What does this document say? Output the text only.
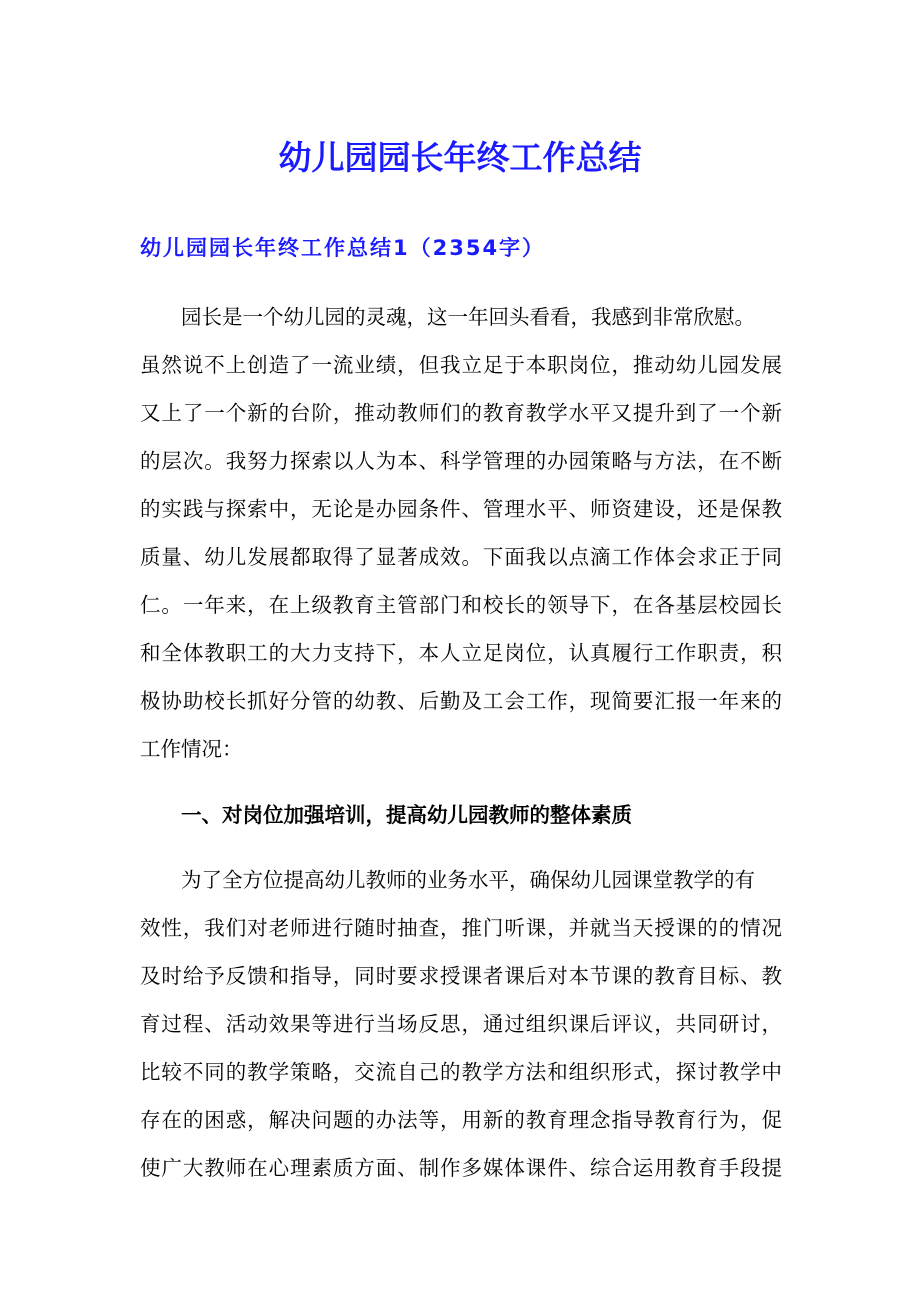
幼儿园园长年终工作总结
幼儿园园长年终工作总结1（2354字）
园长是一个幼儿园的灵魂，这一年回头看看，我感到非常欣慰。
虽然说不上创造了一流业绩，但我立足于本职岗位，推动幼儿园发展
又上了一个新的台阶，推动教师们的教育教学水平又提升到了一个新
的层次。我努力探索以人为本、科学管理的办园策略与方法，在不断
的实践与探索中，无论是办园条件、管理水平、师资建设，还是保教
质量、幼儿发展都取得了显著成效。下面我以点滴工作体会求正于同
仁。一年来，在上级教育主管部门和校长的领导下，在各基层校园长
和全体教职工的大力支持下，本人立足岗位，认真履行工作职责，积
极协助校长抓好分管的幼教、后勤及工会工作，现简要汇报一年来的
工作情况：
一、对岗位加强培训，提高幼儿园教师的整体素质
为了全方位提高幼儿教师的业务水平，确保幼儿园课堂教学的有
效性，我们对老师进行随时抽查，推门听课，并就当天授课的的情况
及时给予反馈和指导，同时要求授课者课后对本节课的教育目标、教
育过程、活动效果等进行当场反思，通过组织课后评议，共同研讨，
比较不同的教学策略，交流自己的教学方法和组织形式，探讨教学中
存在的困惑，解决问题的办法等，用新的教育理念指导教育行为，促
使广大教师在心理素质方面、制作多媒体课件、综合运用教育手段提
